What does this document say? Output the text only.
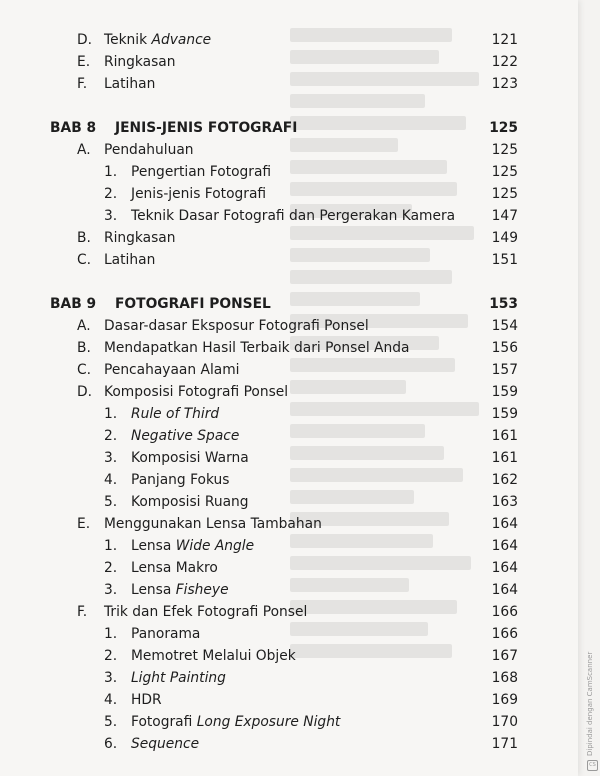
D. Teknik Advance	121
E. Ringkasan	122
F. Latihan	123
BAB 8 JENIS-JENIS FOTOGRAFI	125
A. Pendahuluan	125
1. Pengertian Fotografi	125
2. Jenis-jenis Fotografi	125
3. Teknik Dasar Fotografi dan Pergerakan Kamera	147
B. Ringkasan	149
C. Latihan	151
BAB 9 FOTOGRAFI PONSEL	153
A. Dasar-dasar Eksposur Fotografi Ponsel	154
B. Mendapatkan Hasil Terbaik dari Ponsel Anda	156
C. Pencahayaan Alami	157
D. Komposisi Fotografi Ponsel	159
1. Rule of Third	159
2. Negative Space	161
3. Komposisi Warna	161
4. Panjang Fokus	162
5. Komposisi Ruang	163
E. Menggunakan Lensa Tambahan	164
1. Lensa Wide Angle	164
2. Lensa Makro	164
3. Lensa Fisheye	164
F. Trik dan Efek Fotografi Ponsel	166
1. Panorama	166
2. Memotret Melalui Objek	167
3. Light Painting	168
4. HDR	169
5. Fotografi Long Exposure Night	170
6. Sequence	171	Dipindai dengan CamScanner
CS
